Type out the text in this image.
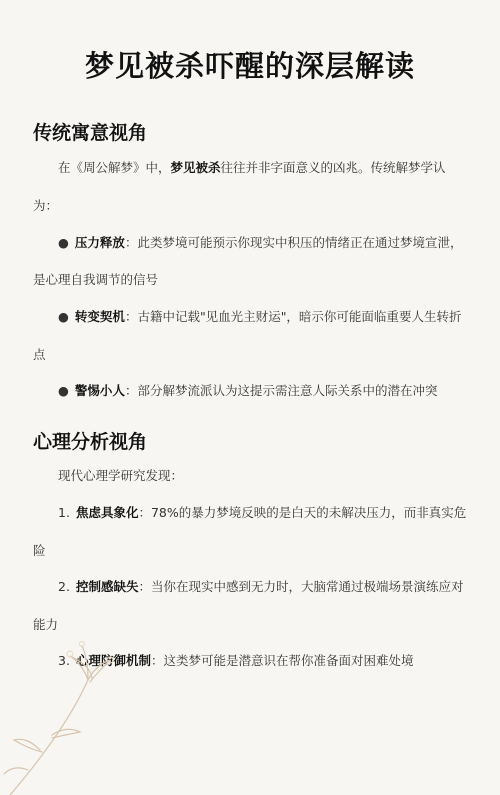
梦见被杀吓醒的深层解读
传统寓意视角
在《周公解梦》中，梦见被杀往往并非字面意义的凶兆。传统解梦学认
为：
● 压力释放：此类梦境可能预示你现实中积压的情绪正在通过梦境宣泄，
是心理自我调节的信号
● 转变契机：古籍中记载"见血光主财运"，暗示你可能面临重要人生转折
点
● 警惕小人：部分解梦流派认为这提示需注意人际关系中的潜在冲突
心理分析视角
现代心理学研究发现：
1. 焦虑具象化：78%的暴力梦境反映的是白天的未解决压力，而非真实危
险
2. 控制感缺失：当你在现实中感到无力时，大脑常通过极端场景演练应对
能力
3. 心理防御机制：这类梦可能是潜意识在帮你准备面对困难处境
